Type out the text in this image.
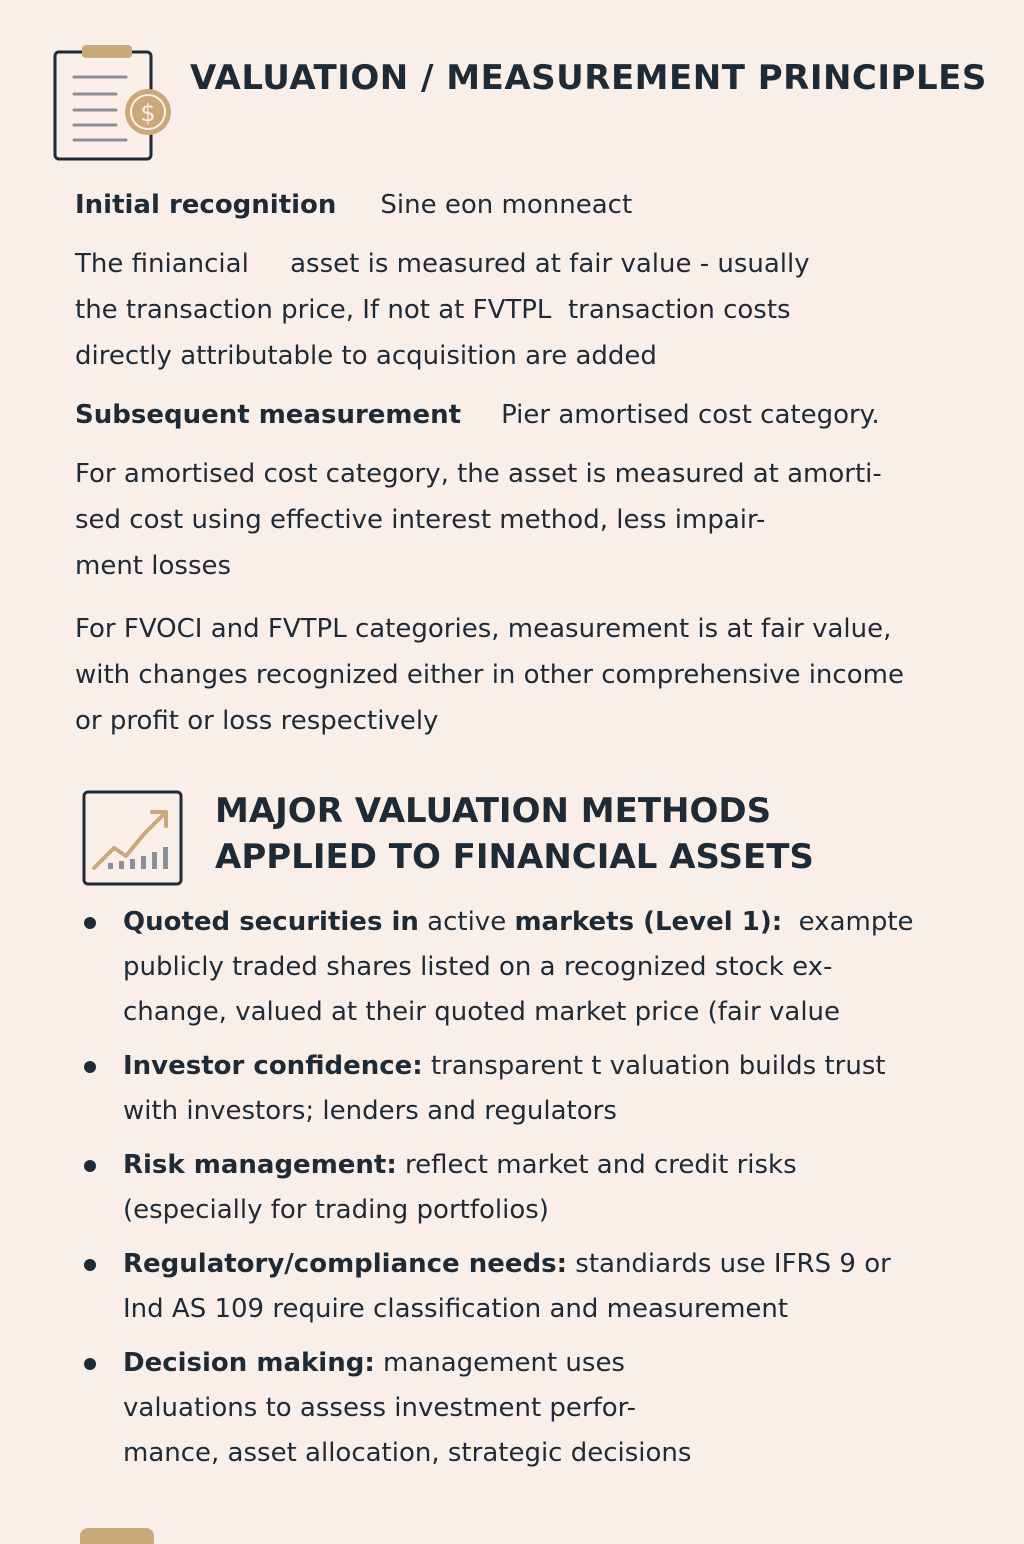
$
VALUATION / MEASUREMENT PRINCIPLES
Initial recognition Sine eon monneact

The finiancial     asset is measured at fair value - usually
the transaction price, If not at FVTPL  transaction costs
directly attributable to acquisition are added

Subsequent measurement Pier amortised cost category.

For amortised cost category, the asset is measured at amorti-
sed cost using effective interest method, less impair-
ment losses

For FVOCI and FVTPL categories, measurement is at fair value,
with changes recognized either in other comprehensive income
or profit or loss respectively

MAJOR VALUATION METHODS
APPLIED TO FINANCIAL ASSETS
Quoted securities in active markets (Level 1):  exampte
publicly traded shares listed on a recognized stock ex-
change, valued at their quoted market price (fair value
Investor confidence: transparent t valuation builds trust
with investors; lenders and regulators
Risk management: reflect market and credit risks
(especially for trading portfolios)
Regulatory/compliance needs: standiards use IFRS 9 or
Ind AS 109 require classification and measurement
Decision making: management uses
valuations to assess investment perfor-
mance, asset allocation, strategic decisions
